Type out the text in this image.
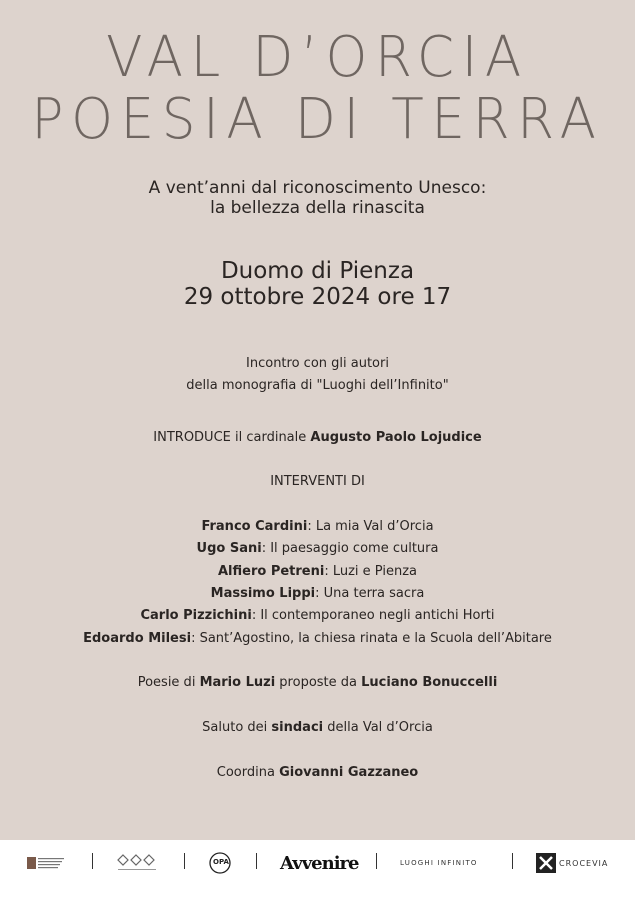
VAL D’ORCIA
POESIA DI TERRA
A vent’anni dal riconoscimento Unesco:
la bellezza della rinascita
Duomo di Pienza
29 ottobre 2024 ore 17
Incontro con gli autori
della monografia di "Luoghi dell’Infinito"
INTRODUCE il cardinale Augusto Paolo Lojudice
INTERVENTI DI
Franco Cardini: La mia Val d’Orcia
Ugo Sani: Il paesaggio come cultura
Alfiero Petreni: Luzi e Pienza
Massimo Lippi: Una terra sacra
Carlo Pizzichini: Il contemporaneo negli antichi Horti
Edoardo Milesi: Sant’Agostino, la chiesa rinata e la Scuola dell’Abitare
Poesie di Mario Luzi proposte da Luciano Bonuccelli
Saluto dei sindaci della Val d’Orcia
Coordina Giovanni Gazzaneo
OPA	Avvenire	LUOGHI INFINITO	CROCEVIA
